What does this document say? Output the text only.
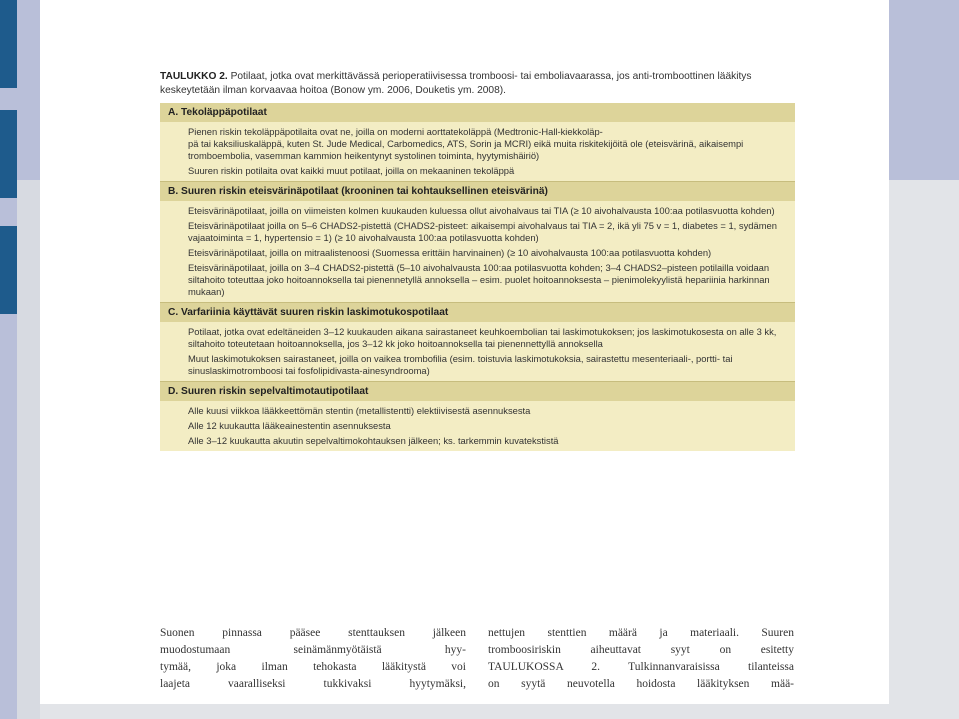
TAULUKKO 2. Potilaat, jotka ovat merkittävässä perioperatiivisessa tromboosi- tai emboliavaarassa, jos anti-tromboottinen lääkitys keskeytetään ilman korvaavaa hoitoa (Bonow ym. 2006, Douketis ym. 2008).
A. Tekoläppäpotilaat

Pienen riskin tekoläppäpotilaita ovat ne, joilla on moderni aorttatekoläppä (Medtronic-Hall-kiekkoläp-
pä tai kaksiliuskaläppä, kuten St. Jude Medical, Carbomedics, ATS, Sorin ja MCRI) eikä muita riskitekijöitä ole (eteisvärinä, aikaisempi tromboembolia, vasemman kammion heikentynyt systolinen toiminta, hyytymishäiriö)

Suuren riskin potilaita ovat kaikki muut potilaat, joilla on mekaaninen tekoläppä

B. Suuren riskin eteisvärinäpotilaat (krooninen tai kohtauksellinen eteisvärinä)

Eteisvärinäpotilaat, joilla on viimeisten kolmen kuukauden kuluessa ollut aivohalvaus tai TIA (≥ 10 aivohalvausta 100:aa potilasvuotta kohden)

Eteisvärinäpotilaat joilla on 5–6 CHADS2-pistettä (CHADS2-pisteet: aikaisempi aivohalvaus tai TIA = 2, ikä yli 75 v = 1, diabetes = 1, sydämen vajaatoiminta = 1, hypertensio = 1) (≥ 10 aivohalvausta 100:aa potilasvuotta kohden)

Eteisvärinäpotilaat, joilla on mitraalistenoosi (Suomessa erittäin harvinainen) (≥ 10 aivohalvausta 100:aa potilasvuotta kohden)

Eteisvärinäpotilaat, joilla on 3–4 CHADS2-pistettä (5–10 aivohalvausta 100:aa potilasvuotta kohden; 3–4 CHADS2–pisteen potilailla voidaan siltahoito toteuttaa joko hoitoannoksella tai pienennetyllä annoksella – esim. puolet hoitoannoksesta – pienimolekyylistä hepariinia harkinnan mukaan)

C. Varfariinia käyttävät suuren riskin laskimotukospotilaat

Potilaat, jotka ovat edeltäneiden 3–12 kuukauden aikana sairastaneet keuhkoembolian tai laskimotukoksen; jos laskimotukosesta on alle 3 kk, siltahoito toteutetaan hoitoannoksella, jos 3–12 kk joko hoitoannoksella tai pienennettyllä annoksella

Muut laskimotukoksen sairastaneet, joilla on vaikea trombofilia (esim. toistuvia laskimotukoksia, sairastettu mesenteriaali-, portti- tai sinuslaskimotromboosi tai fosfolipidivasta-ainesyndrooma)

D. Suuren riskin sepelvaltimotautipotilaat

Alle kuusi viikkoa lääkkeettömän stentin (metallistentti) elektiivisestä asennuksesta

Alle 12 kuukautta lääkeainestentin asennuksesta

Alle 3–12 kuukautta akuutin sepelvaltimokohtauksen jälkeen; ks. tarkemmin kuvatekstistä

Suonen pinnassa pääsee stenttauksen jälkeen
muodostumaan seinämänmyötäistä hyy-
tymää, joka ilman tehokasta lääkitystä voi
laajeta vaaralliseksi tukkivaksi hyytymäksi,
nettujen stenttien määrä ja materiaali. Suuren
tromboosiriskin aiheuttavat syyt on esitetty
TAULUKOSSA 2. Tulkinnanvaraisissa tilanteissa
on syytä neuvotella hoidosta lääkityksen mää-
